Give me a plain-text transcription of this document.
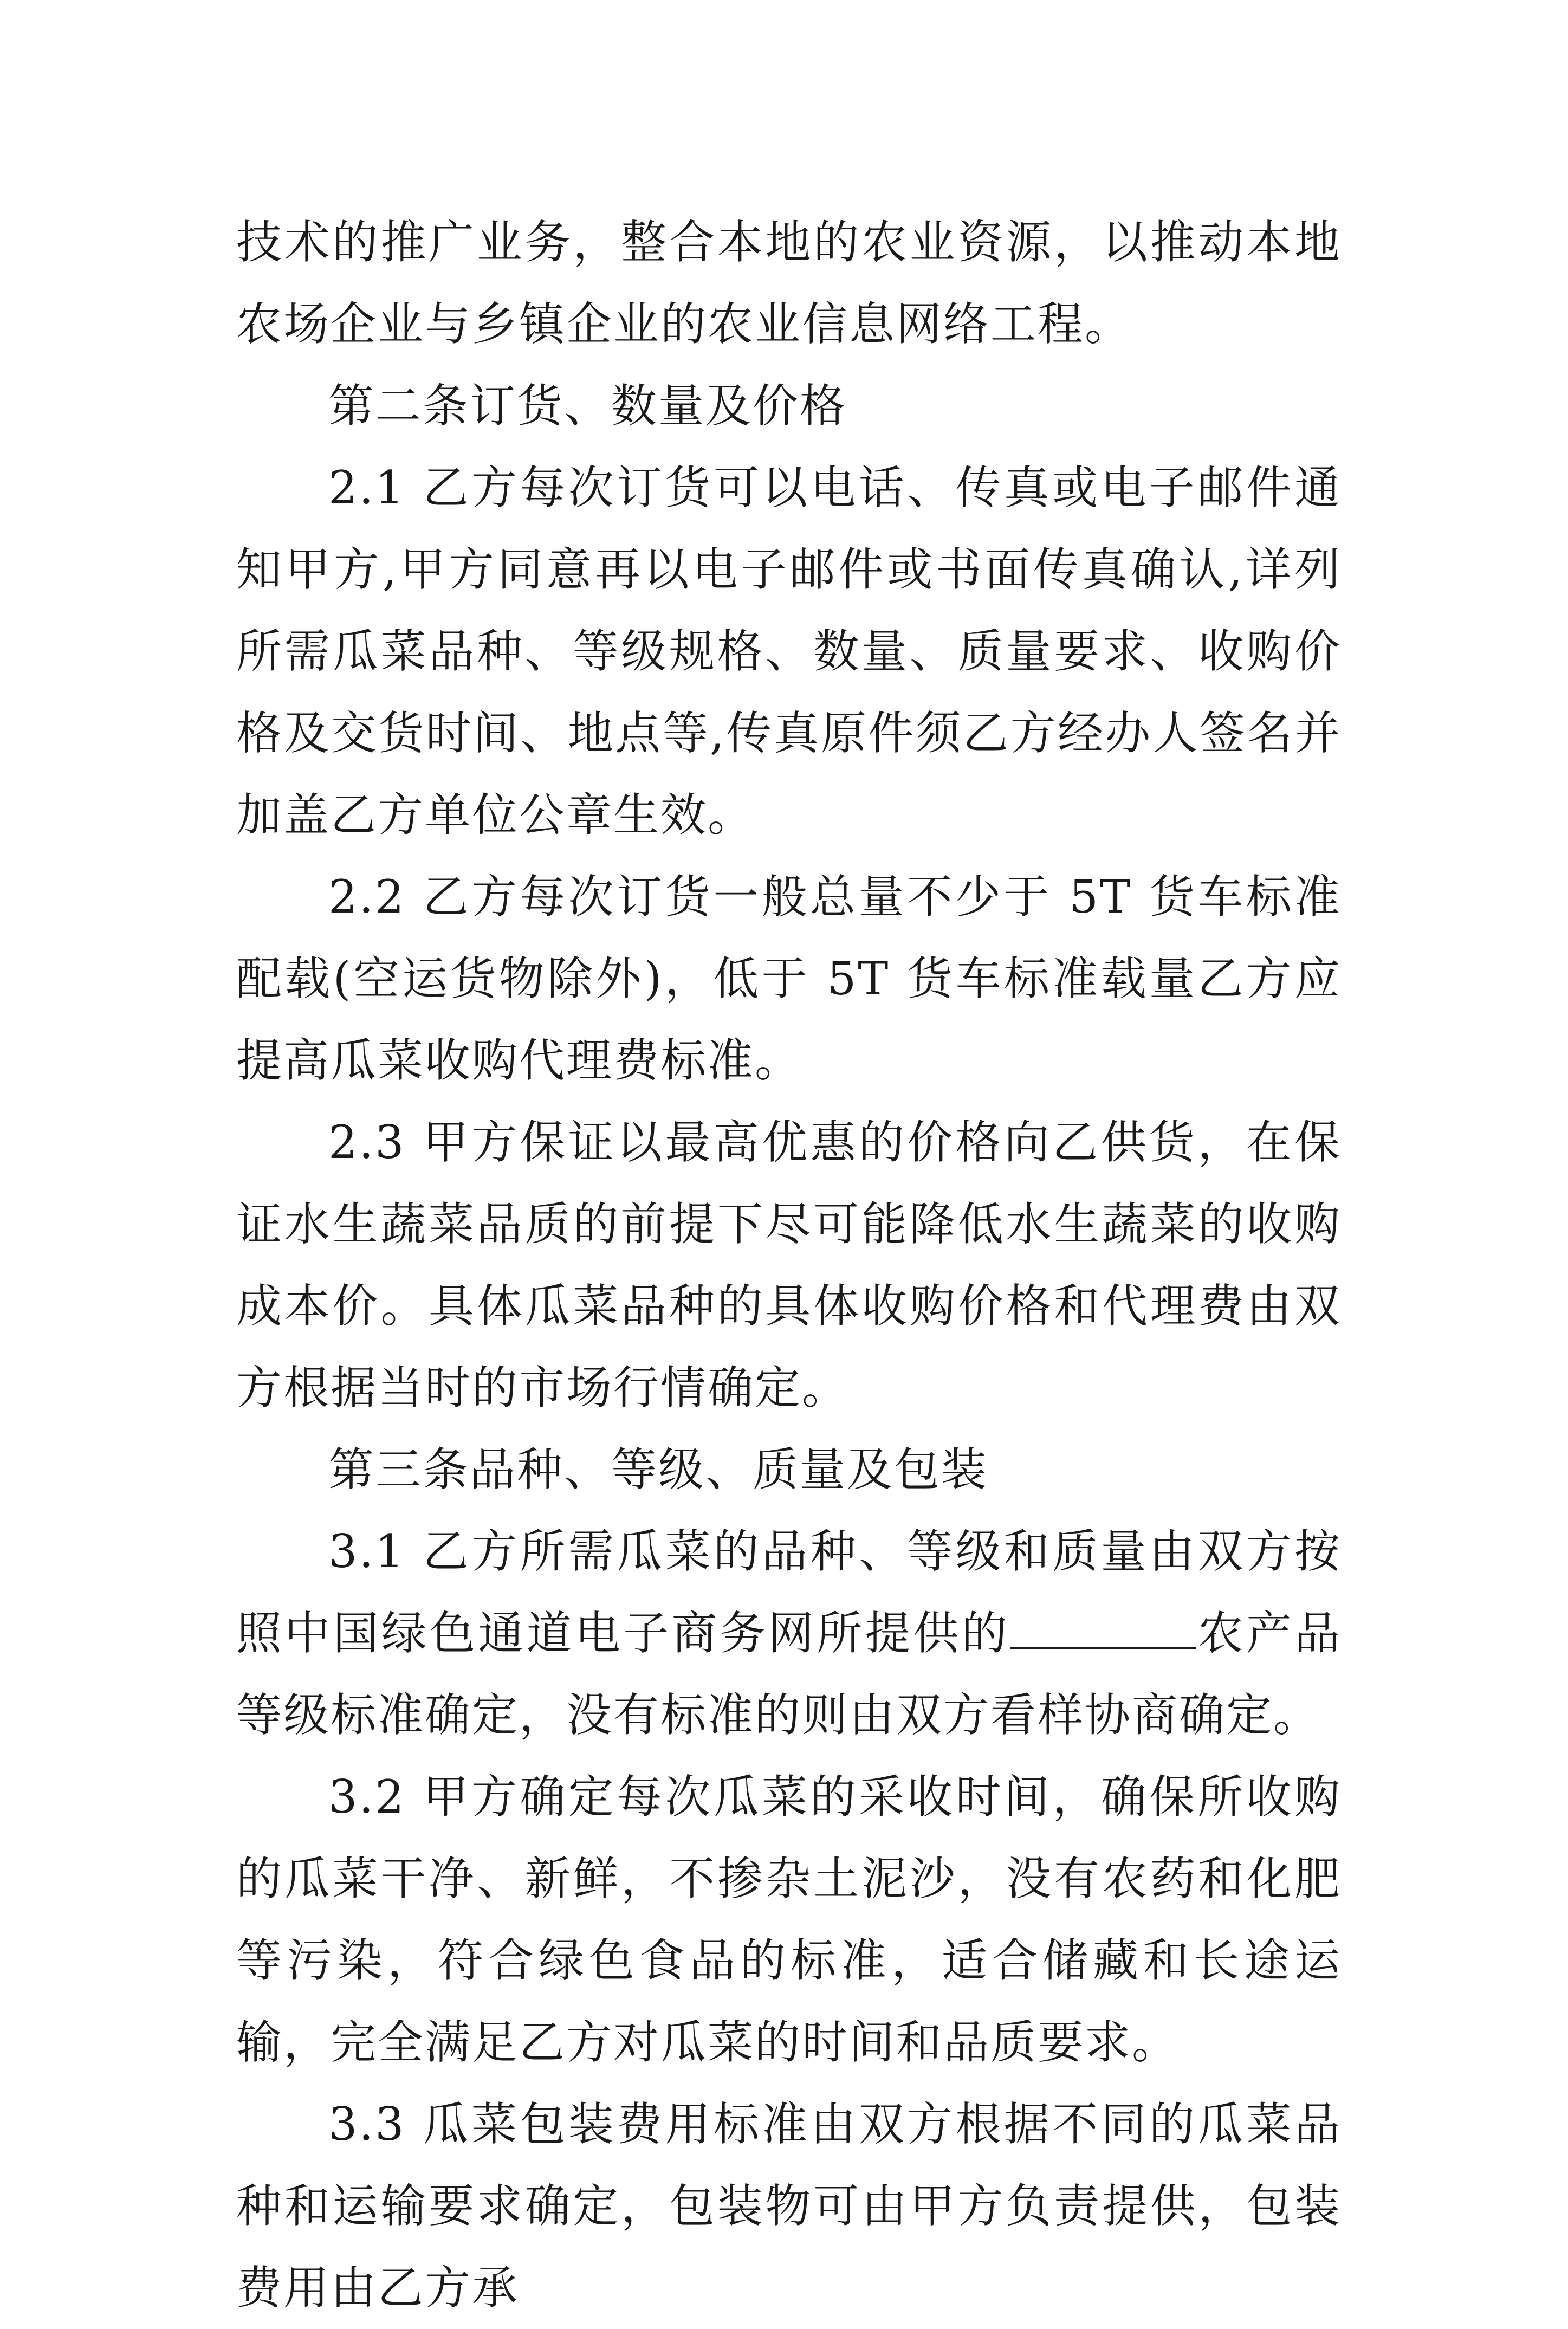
技术的推广业务，整合本地的农业资源，以推动本地农场企业与乡镇企业的农业信息网络工程。

第二条订货、数量及价格

2.1 乙方每次订货可以电话、传真或电子邮件通知甲方,甲方同意再以电子邮件或书面传真确认,详列所需瓜菜品种、等级规格、数量、质量要求、收购价格及交货时间、地点等,传真原件须乙方经办人签名并加盖乙方单位公章生效。

2.2 乙方每次订货一般总量不少于 5T 货车标准配载(空运货物除外)，低于 5T 货车标准载量乙方应提高瓜菜收购代理费标准。

2.3 甲方保证以最高优惠的价格向乙供货，在保证水生蔬菜品质的前提下尽可能降低水生蔬菜的收购成本价。具体瓜菜品种的具体收购价格和代理费由双方根据当时的市场行情确定。

第三条品种、等级、质量及包装

3.1 乙方所需瓜菜的品种、等级和质量由双方按照中国绿色通道电子商务网所提供的	农产品等级标准确定，没有标准的则由双方看样协商确定。

3.2 甲方确定每次瓜菜的采收时间，确保所收购的瓜菜干净、新鲜，不掺杂土泥沙，没有农药和化肥等污染，符合绿色食品的标准，适合储藏和长途运输，完全满足乙方对瓜菜的时间和品质要求。

3.3 瓜菜包装费用标准由双方根据不同的瓜菜品种和运输要求确定，包装物可由甲方负责提供，包装费用由乙方承
